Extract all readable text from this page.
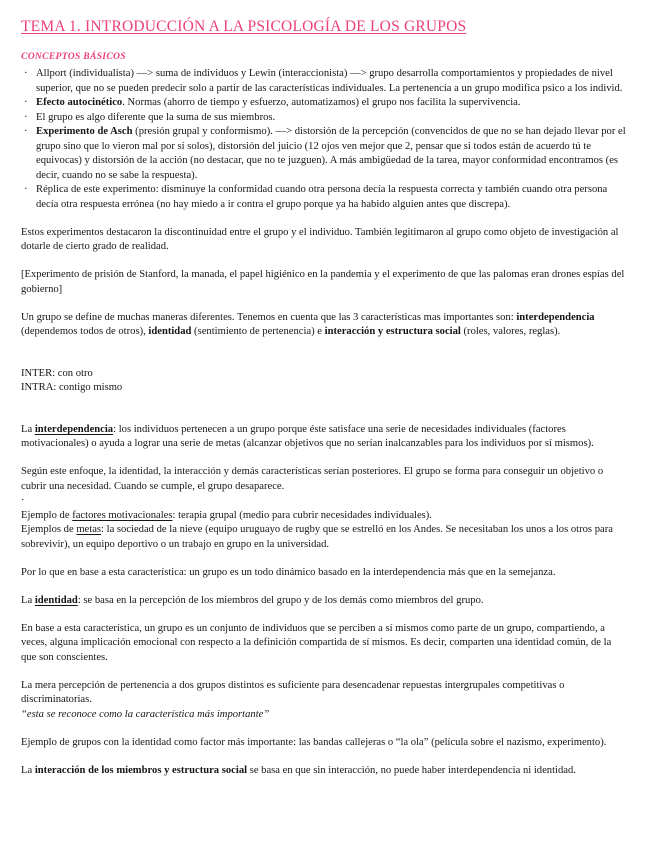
TEMA 1. INTRODUCCIÓN A LA PSICOLOGÍA DE LOS GRUPOS
CONCEPTOS BÁSICOS
· Allport (individualista) —> suma de individuos y Lewin (interaccionista) —> grupo desarrolla comportamientos y propiedades de nivel superior, que no se pueden predecir solo a partir de las características individuales. La pertenencia a un grupo modifica psico a los individ.
· Efecto autocinético. Normas (ahorro de tiempo y esfuerzo, automatizamos) el grupo nos facilita la supervivencia.
· El grupo es algo diferente que la suma de sus miembros.
· Experimento de Asch (presión grupal y conformismo). —> distorsión de la percepción (convencidos de que no se han dejado llevar por el grupo sino que lo vieron mal por sí solos), distorsión del juicio (12 ojos ven mejor que 2, pensar que si todos están de acuerdo tú te equivocas) y distorsión de la acción (no destacar, que no te juzguen). A más ambigüedad de la tarea, mayor conformidad encontramos (es decir, cuando no se sabe la respuesta).
· Réplica de este experimento: disminuye la conformidad cuando otra persona decía la respuesta correcta y también cuando otra persona decía otra respuesta errónea (no hay miedo a ir contra el grupo porque ya ha habido alguien antes que discrepa).
Estos experimentos destacaron la discontinuidad entre el grupo y el individuo. También legitimaron al grupo como objeto de investigación al dotarle de cierto grado de realidad.
[Experimento de prisión de Stanford, la manada, el papel higiénico en la pandemia y el experimento de que las palomas eran drones espías del gobierno]
Un grupo se define de muchas maneras diferentes. Tenemos en cuenta que las 3 características mas importantes son: interdependencia (dependemos todos de otros), identidad (sentimiento de pertenencia) e interacción y estructura social (roles, valores, reglas).
INTER: con otro
INTRA: contigo mismo
La interdependencia: los individuos pertenecen a un grupo porque éste satisface una serie de necesidades individuales (factores motivacionales) o ayuda a lograr una serie de metas (alcanzar objetivos que no serían inalcanzables para los individuos por sí mismos).
Según este enfoque, la identidad, la interacción y demás características serían posteriores. El grupo se forma para conseguir un objetivo o cubrir una necesidad. Cuando se cumple, el grupo desaparece.
·
Ejemplo de factores motivacionales: terapia grupal (medio para cubrir necesidades individuales).
Ejemplos de metas: la sociedad de la nieve (equipo uruguayo de rugby que se estrelló en los Andes. Se necesitaban los unos a los otros para sobrevivir), un equipo deportivo o un trabajo en grupo en la universidad.
Por lo que en base a esta característica: un grupo es un todo dinámico basado en la interdependencia más que en la semejanza.
La identidad: se basa en la percepción de los miembros del grupo y de los demás como miembros del grupo.
En base a esta característica, un grupo es un conjunto de individuos que se perciben a sí mismos como parte de un grupo, compartiendo, a veces, alguna implicación emocional con respecto a la definición compartida de sí mismos. Es decir, comparten una identidad común, de la que son conscientes.
La mera percepción de pertenencia a dos grupos distintos es suficiente para desencadenar repuestas intergrupales competitivas o discriminatorias.
“esta se reconoce como la característica más importante”
Ejemplo de grupos con la identidad como factor más importante: las bandas callejeras o “la ola” (película sobre el nazismo, experimento).
La interacción de los miembros y estructura social se basa en que sin interacción, no puede haber interdependencia ni identidad.
